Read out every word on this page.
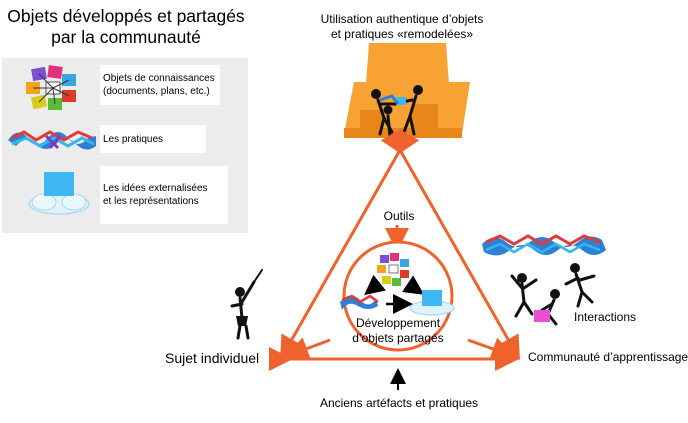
Objets développés et partagés
par la communauté
Objets de connaissances
(documents, plans, etc.)
Les pratiques
Les idées externalisées
et les représentations
Utilisation authentique d’objets
et pratiques «remodelées»
Outils
Développement
d’objets partagés
Sujet individuel	Communauté d’apprentissage
Interactions
Anciens artéfacts et pratiques
